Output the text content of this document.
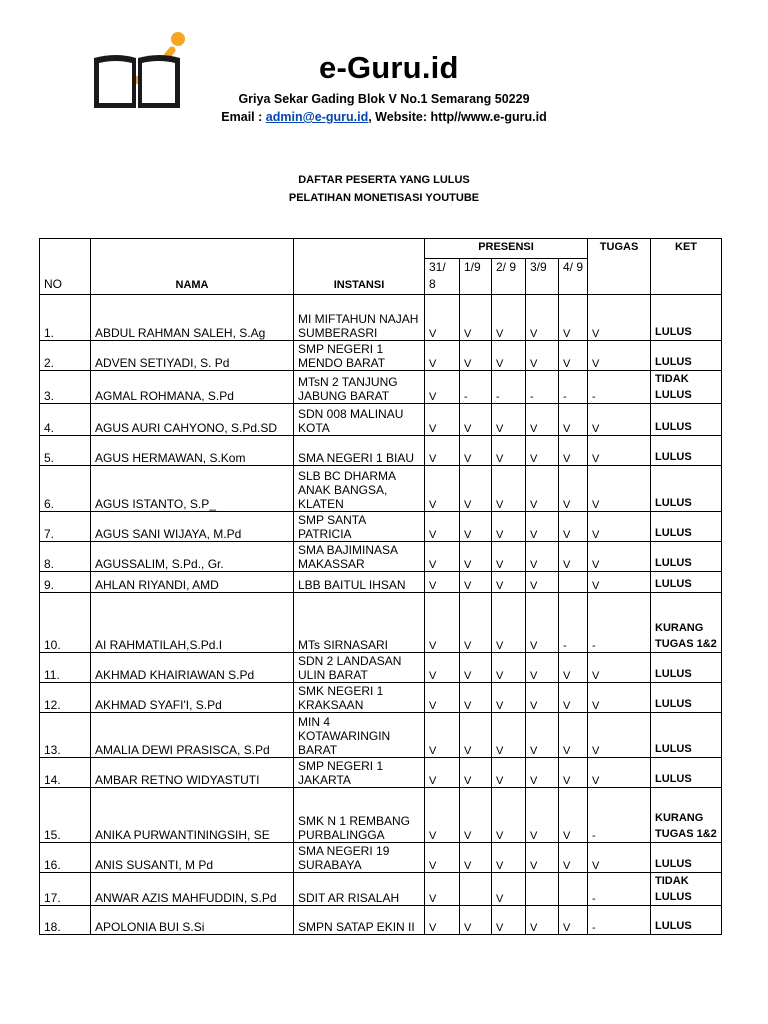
e-Guru.id
Griya Sekar Gading Blok V No.1 Semarang 50229
Email : admin@e-guru.id, Website: http//www.e-guru.id
DAFTAR PESERTA YANG LULUS
PELATIHAN MONETISASI YOUTUBE
NO	NAMA	INSTANSI	PRESENSI					TUGAS	KET
			31/ 8	1/9	2/ 9	3/9	4/ 9		
1.	ABDUL RAHMAN SALEH, S.Ag	MI MIFTAHUN NAJAH SUMBERASRI	V	V	V	V	V	V	LULUS
2.	ADVEN SETIYADI, S. Pd	SMP NEGERI 1 MENDO BARAT	V	V	V	V	V	V	LULUS
3.	AGMAL ROHMANA, S.Pd	MTsN 2 TANJUNG JABUNG BARAT	V	-	-	-	-	-	TIDAK LULUS
4.	AGUS AURI CAHYONO, S.Pd.SD	SDN 008 MALINAU KOTA	V	V	V	V	V	V	LULUS
5.	AGUS HERMAWAN, S.Kom	SMA NEGERI 1 BIAU	V	V	V	V	V	V	LULUS
6.	AGUS ISTANTO, S.P_	SLB BC DHARMA ANAK BANGSA, KLATEN	V	V	V	V	V	V	LULUS
7.	AGUS SANI WIJAYA, M.Pd	SMP SANTA PATRICIA	V	V	V	V	V	V	LULUS
8.	AGUSSALIM, S.Pd., Gr.	SMA BAJIMINASA MAKASSAR	V	V	V	V	V	V	LULUS
9.	AHLAN RIYANDI, AMD	LBB BAITUL IHSAN	V	V	V	V		V	LULUS
10.	AI RAHMATILAH,S.Pd.I	MTs SIRNASARI	V	V	V	V	-	-	KURANG TUGAS 1&2
11.	AKHMAD KHAIRIAWAN S.Pd	SDN 2 LANDASAN ULIN BARAT	V	V	V	V	V	V	LULUS
12.	AKHMAD SYAFI'I, S.Pd	SMK NEGERI 1 KRAKSAAN	V	V	V	V	V	V	LULUS
13.	AMALIA DEWI PRASISCA, S.Pd	MIN 4 KOTAWARINGIN BARAT	V	V	V	V	V	V	LULUS
14.	AMBAR RETNO WIDYASTUTI	SMP NEGERI 1 JAKARTA	V	V	V	V	V	V	LULUS
15.	ANIKA PURWANTININGSIH, SE	SMK N 1 REMBANG PURBALINGGA	V	V	V	V	V	-	KURANG TUGAS 1&2
16.	ANIS SUSANTI, M Pd	SMA NEGERI 19 SURABAYA	V	V	V	V	V	V	LULUS
17.	ANWAR AZIS MAHFUDDIN, S.Pd	SDIT AR RISALAH	V		V			-	TIDAK LULUS
18.	APOLONIA BUI S.Si	SMPN SATAP EKIN II	V	V	V	V	V	-	LULUS
